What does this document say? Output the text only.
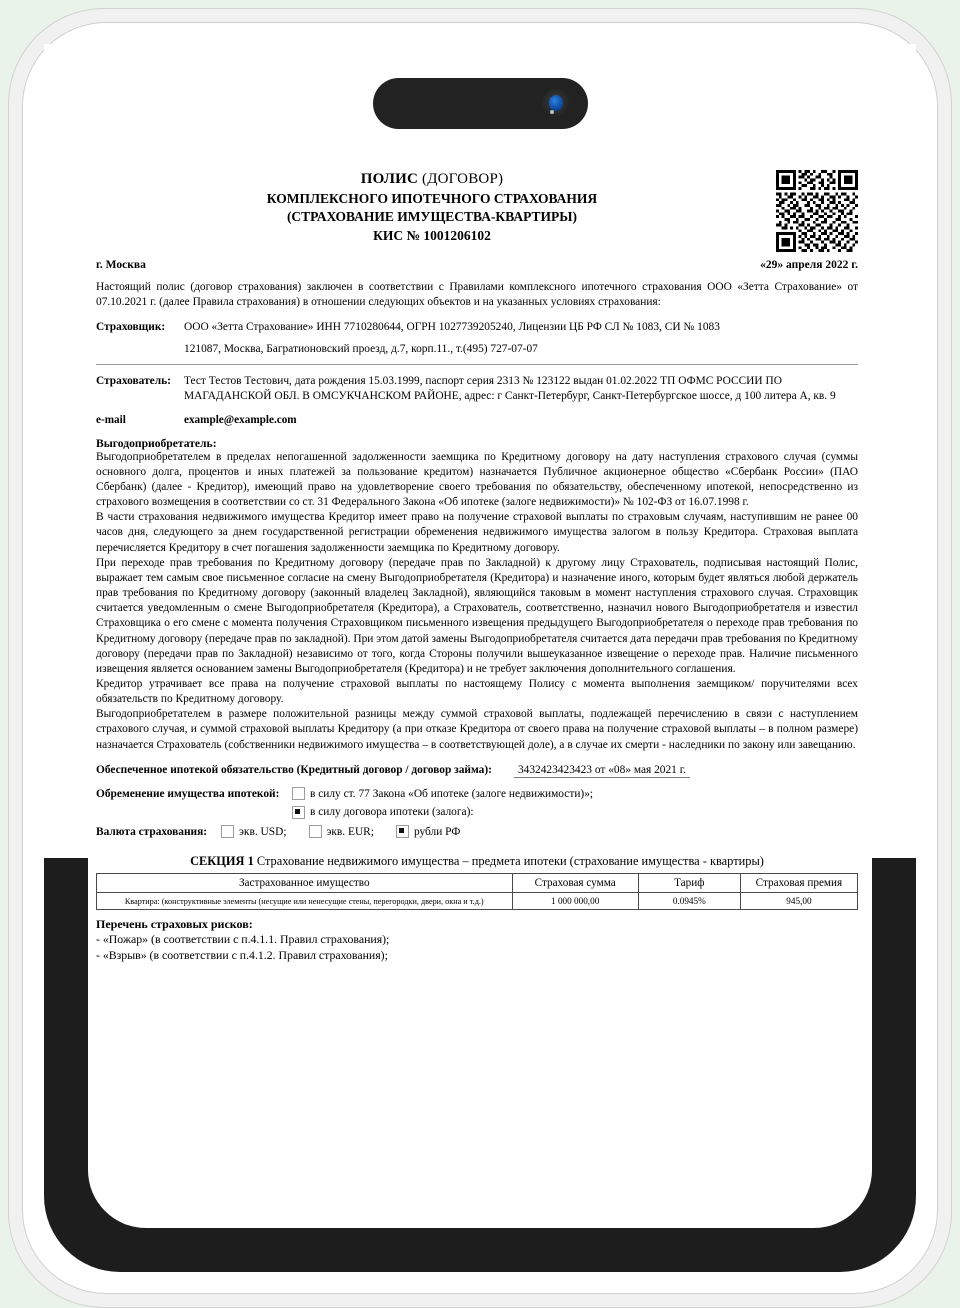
ПОЛИС (ДОГОВОР)
КОМПЛЕКСНОГО ИПОТЕЧНОГО СТРАХОВАНИЯ
(СТРАХОВАНИЕ ИМУЩЕСТВА-КВАРТИРЫ)
КИС № 1001206102
г. Москва	«29» апреля 2022 г.

Настоящий полис (договор страхования) заключен в соответствии с Правилами комплексного ипотечного страхования ООО «Зетта Страхование» от 07.10.2021 г. (далее Правила страхования) в отношении следующих объектов и на указанных условиях страхования:

Страховщик:	ООО «Зетта Страхование» ИНН 7710280644, ОГРН 1027739205240, Лицензии ЦБ РФ СЛ № 1083, СИ № 1083
121087, Москва, Багратионовский проезд, д.7, корп.11., т.(495) 727-07-07
Страхователь:	Тест Тестов Тестович, дата рождения 15.03.1999, паспорт серия 2313 № 123122 выдан 01.02.2022 ТП ОФМС РОССИИ ПО МАГАДАНСКОЙ ОБЛ. В ОМСУКЧАНСКОМ РАЙОНЕ, адрес: г Санкт-Петербург, Санкт-Петербургское шоссе, д 100 литера А, кв. 9
e-mail	example@example.com
Выгодоприобретатель:

Выгодоприобретателем в пределах непогашенной задолженности заемщика по Кредитному договору на дату наступления страхового случая (суммы основного долга, процентов и иных платежей за пользование кредитом) назначается Публичное акционерное общество «Сбербанк России» (ПАО Сбербанк) (далее - Кредитор), имеющий право на удовлетворение своего требования по обязательству, обеспеченному ипотекой, непосредственно из страхового возмещения в соответствии со ст. 31 Федерального Закона «Об ипотеке (залоге недвижимости)» № 102-ФЗ от 16.07.1998 г.

В части страхования недвижимого имущества Кредитор имеет право на получение страховой выплаты по страховым случаям, наступившим не ранее 00 часов дня, следующего за днем государственной регистрации обременения недвижимого имущества залогом в пользу Кредитора. Страховая выплата перечисляется Кредитору в счет погашения задолженности заемщика по Кредитному договору.

При переходе прав требования по Кредитному договору (передаче прав по Закладной) к другому лицу Страхователь, подписывая настоящий Полис, выражает тем самым свое письменное согласие на смену Выгодоприобретателя (Кредитора) и назначение иного, которым будет являться любой держатель прав требования по Кредитному договору (законный владелец Закладной), являющийся таковым в момент наступления страхового случая. Страховщик считается уведомленным о смене Выгодоприобретателя (Кредитора), а Страхователь, соответственно, назначил нового Выгодоприобретателя и известил Страховщика о его смене с момента получения Страховщиком письменного извещения предыдущего Выгодоприобретателя о переходе прав требования по Кредитному договору (передаче прав по закладной). При этом датой замены Выгодоприобретателя считается дата передачи прав требования по Кредитному договору (передачи прав по Закладной) независимо от того, когда Стороны получили вышеуказанное извещение о переходе прав. Наличие письменного извещения является основанием замены Выгодоприобретателя (Кредитора) и не требует заключения дополнительного соглашения.

Кредитор утрачивает все права на получение страховой выплаты по настоящему Полису с момента выполнения заемщиком/ поручителями всех обязательств по Кредитному договору.

Выгодоприобретателем в размере положительной разницы между суммой страховой выплаты, подлежащей перечислению в связи с наступлением страхового случая, и суммой страховой выплаты Кредитору (а при отказе Кредитора от своего права на получение страховой выплаты – в полном размере) назначается Страхователь (собственники недвижимого имущества – в соответствующей доле), а в случае их смерти - наследники по закону или завещанию.

Обеспеченное ипотекой обязательство (Кредитный договор / договор займа):	3432423423423 от «08» мая 2021 г.
Обременение имущества ипотекой:	в силу ст. 77 Закона «Об ипотеке (залоге недвижимости)»;
в силу договора ипотеки (залога):
Валюта страхования:	экв. USD;	экв. EUR;	рубли РФ
СЕКЦИЯ 1 Страхование недвижимого имущества – предмета ипотеки (страхование имущества - квартиры)
Застрахованное имущество	Страховая сумма	Тариф	Страховая премия
Квартира: (конструктивные элементы (несущие или ненесущие стены, перегородки, двери, окна и т.д.)	1 000 000,00	0.0945%	945,00
Перечень страховых рисков:
- «Пожар» (в соответствии с п.4.1.1. Правил страхования);
- «Взрыв» (в соответствии с п.4.1.2. Правил страхования);
